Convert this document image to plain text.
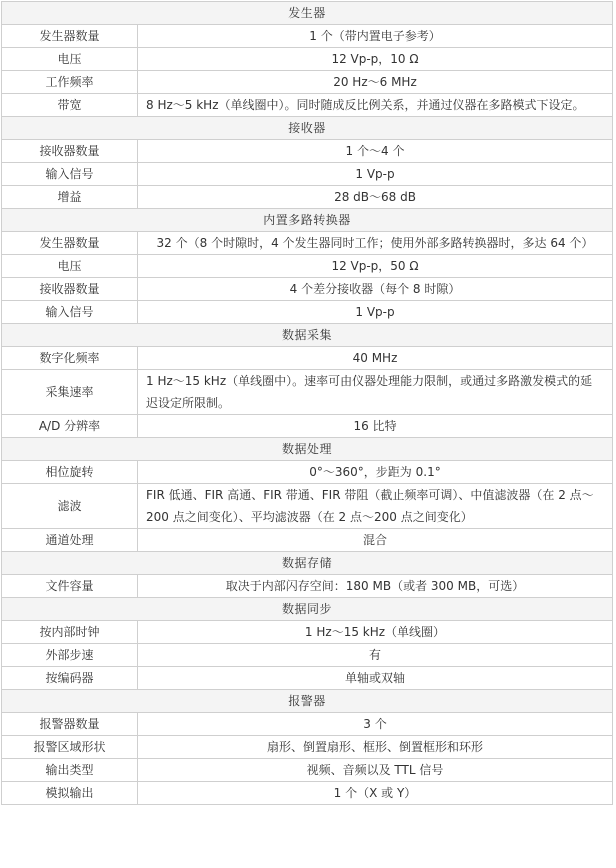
发生器	
发生器数量	1 个（带内置电子参考）
电压	12 Vp-p，10 Ω
工作频率	20 Hz～6 MHz
带宽	8 Hz～5 kHz（单线圈中）。同时随成反比例关系，并通过仪器在多路模式下设定。
接收器	
接收器数量	1 个～4 个
输入信号	1 Vp-p
增益	28 dB～68 dB
内置多路转换器	
发生器数量	32 个（8 个时隙时，4 个发生器同时工作；使用外部多路转换器时，多达 64 个）
电压	12 Vp-p，50 Ω
接收器数量	4 个差分接收器（每个 8 时隙）
输入信号	1 Vp-p
数据采集	
数字化频率	40 MHz
采集速率	1 Hz～15 kHz（单线圈中）。速率可由仪器处理能力限制，或通过多路激发模式的延迟设定所限制。
A/D 分辨率	16 比特
数据处理	
相位旋转	0°～360°，步距为 0.1°
滤波	FIR 低通、FIR 高通、FIR 带通、FIR 带阻（截止频率可调）、中值滤波器（在 2 点～200 点之间变化）、平均滤波器（在 2 点～200 点之间变化）
通道处理	混合
数据存储	
文件容量	取决于内部闪存空间：180 MB（或者 300 MB，可选）
数据同步	
按内部时钟	1 Hz～15 kHz（单线圈）
外部步速	有
按编码器	单轴或双轴
报警器	
报警器数量	3 个
报警区域形状	扇形、倒置扇形、框形、倒置框形和环形
输出类型	视频、音频以及 TTL 信号
模拟输出	1 个（X 或 Y）
